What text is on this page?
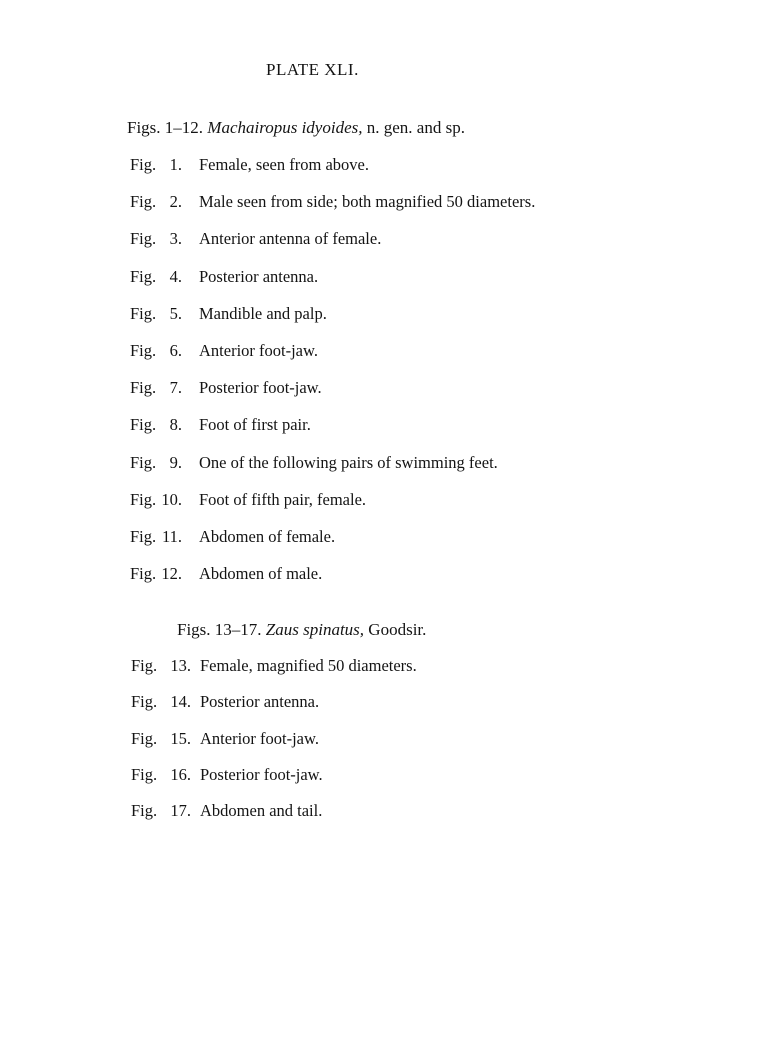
PLATE XLI.
Figs. 1–12. Machairopus idyoides, n. gen. and sp.
Figs. 13–17. Zaus spinatus, Goodsir.
Fig. 1. Female, seen from above.
Fig. 2. Male seen from side; both magnified 50 diameters.
Fig. 3. Anterior antenna of female.
Fig. 4. Posterior antenna.
Fig. 5. Mandible and palp.
Fig. 6. Anterior foot-jaw.
Fig. 7. Posterior foot-jaw.
Fig. 8. Foot of first pair.
Fig. 9. One of the following pairs of swimming feet.
Fig. 10. Foot of fifth pair, female.
Fig. 11. Abdomen of female.
Fig. 12. Abdomen of male.
Fig. 13. Female, magnified 50 diameters.
Fig. 14. Posterior antenna.
Fig. 15. Anterior foot-jaw.
Fig. 16. Posterior foot-jaw.
Fig. 17. Abdomen and tail.
